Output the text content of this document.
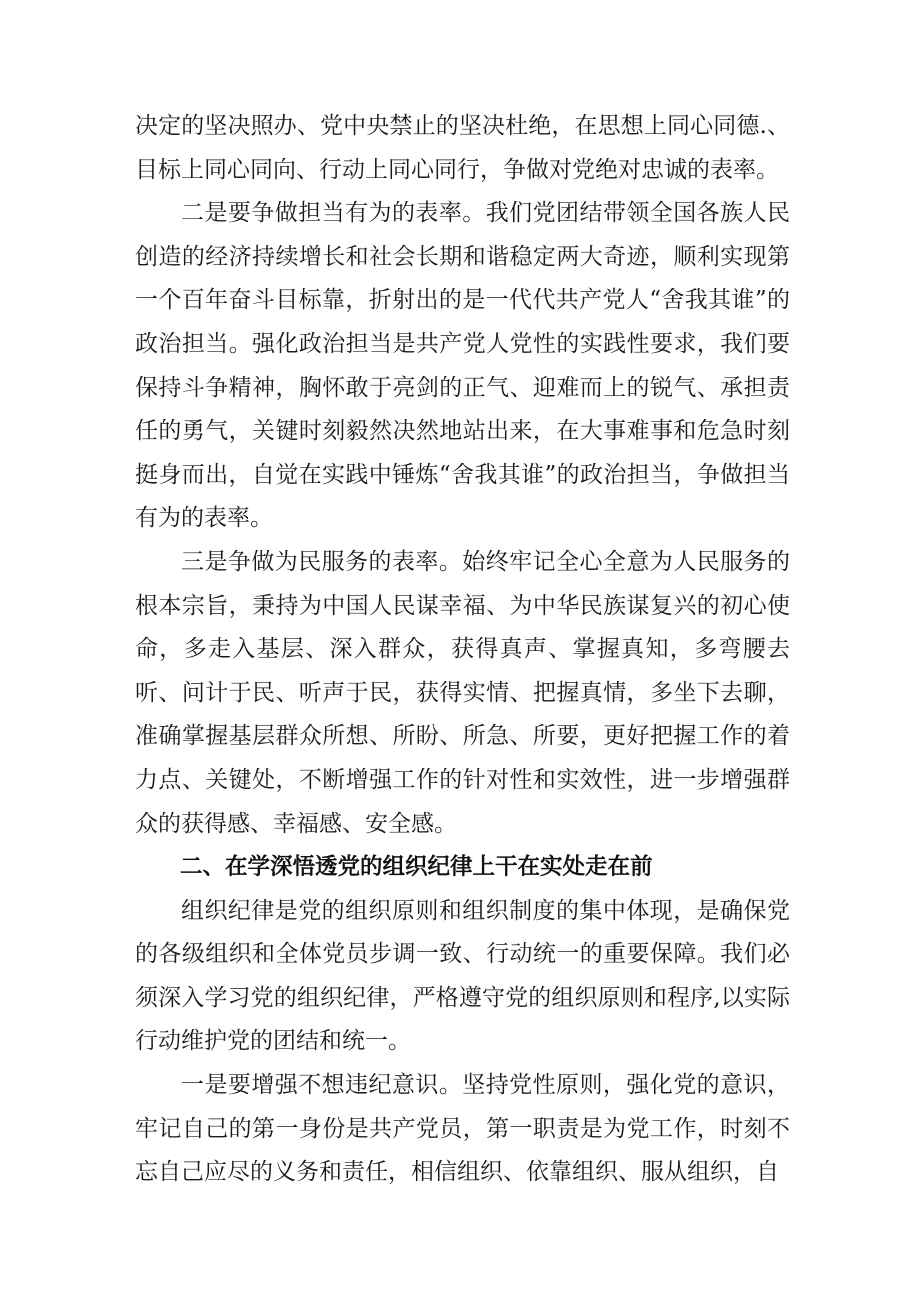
决定的坚决照办、党中央禁止的坚决杜绝，在思想上同心同德.、目标上同心同向、行动上同心同行，争做对党绝对忠诚的表率。

二是要争做担当有为的表率。我们党团结带领全国各族人民创造的经济持续增长和社会长期和谐稳定两大奇迹，顺利实现第一个百年奋斗目标靠，折射出的是一代代共产党人“舍我其谁”的政治担当。强化政治担当是共产党人党性的实践性要求，我们要保持斗争精神，胸怀敢于亮剑的正气、迎难而上的锐气、承担责任的勇气，关键时刻毅然决然地站出来，在大事难事和危急时刻挺身而出，自觉在实践中锤炼“舍我其谁”的政治担当，争做担当有为的表率。

三是争做为民服务的表率。始终牢记全心全意为人民服务的根本宗旨，秉持为中国人民谋幸福、为中华民族谋复兴的初心使命，多走入基层、深入群众，获得真声、掌握真知，多弯腰去听、问计于民、听声于民，获得实情、把握真情，多坐下去聊，准确掌握基层群众所想、所盼、所急、所要，更好把握工作的着力点、关键处，不断增强工作的针对性和实效性，进一步增强群众的获得感、幸福感、安全感。

二、在学深悟透党的组织纪律上干在实处走在前

组织纪律是党的组织原则和组织制度的集中体现，是确保党的各级组织和全体党员步调一致、行动统一的重要保障。我们必须深入学习党的组织纪律，严格遵守党的组织原则和程序,以实际行动维护党的团结和统一。

一是要增强不想违纪意识。坚持党性原则，强化党的意识，牢记自己的第一身份是共产党员，第一职责是为党工作，时刻不忘自己应尽的义务和责任，相信组织、依靠组织、服从组织，自
